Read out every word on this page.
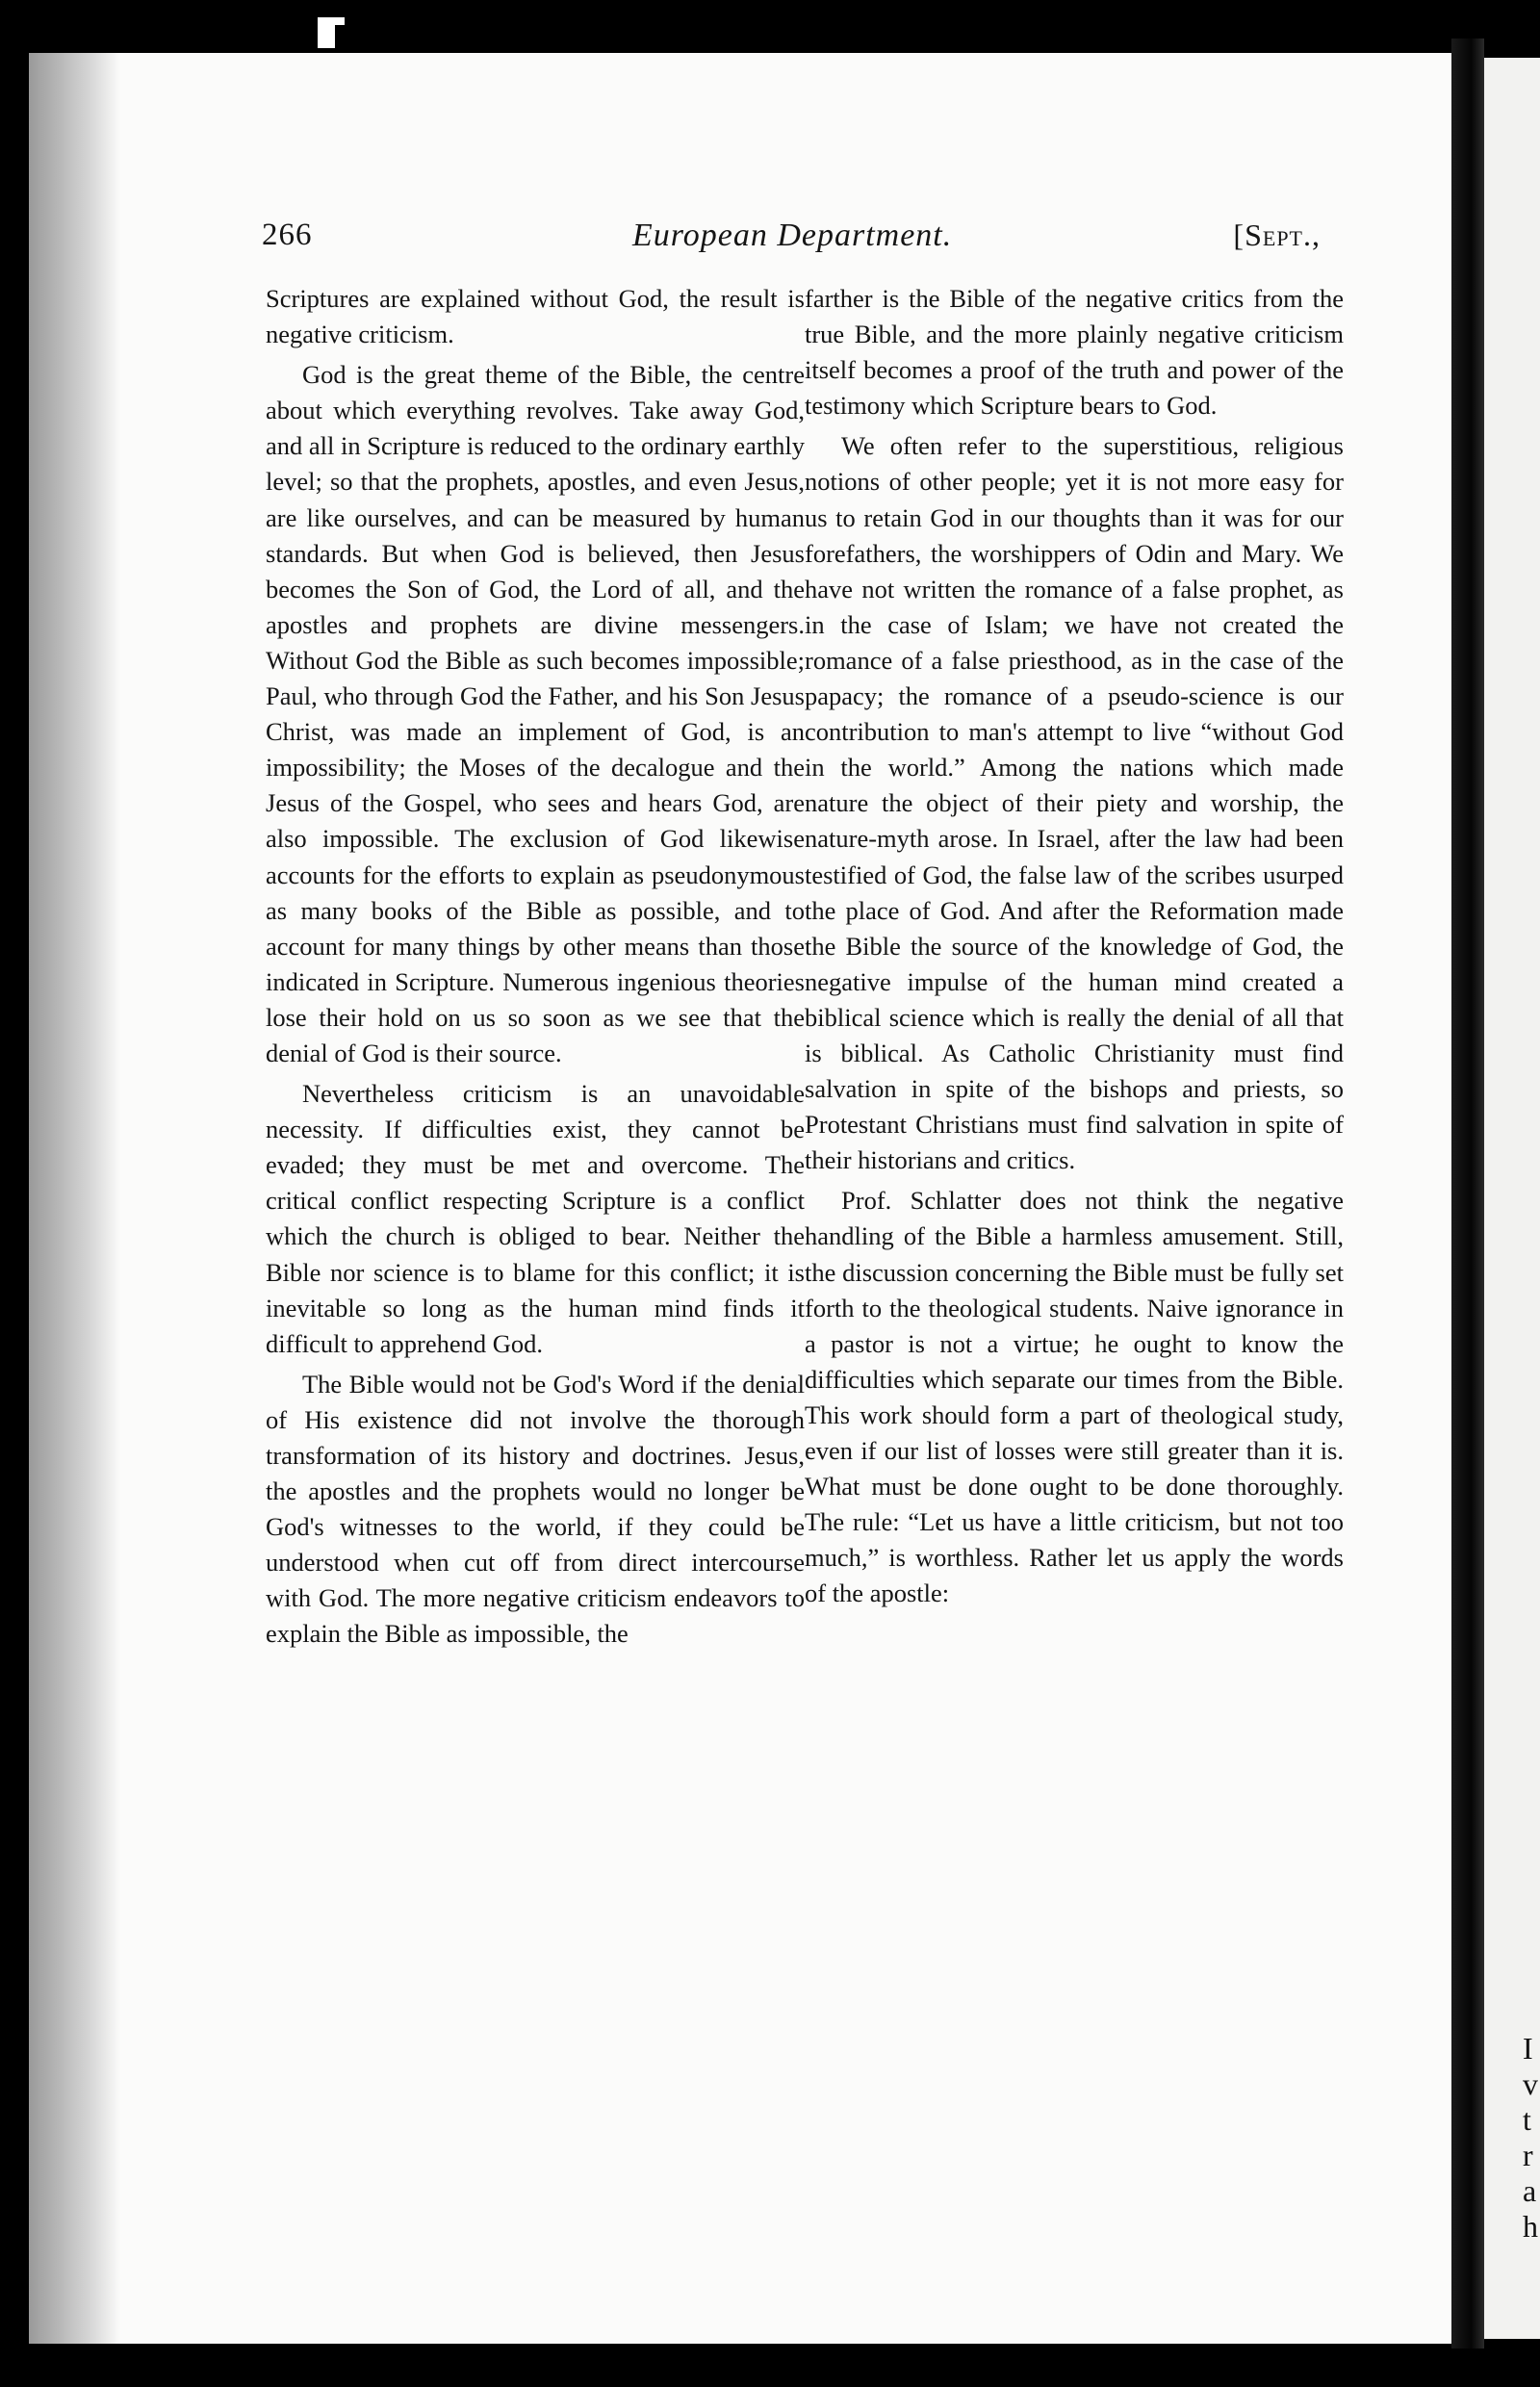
I
v
t
r
a
h
266	European Department.	[Sept.,

Scriptures are explained without God, the result is negative criticism.

God is the great theme of the Bible, the centre about which everything revolves. Take away God, and all in Scripture is reduced to the ordinary earthly level; so that the prophets, apostles, and even Jesus, are like ourselves, and can be measured by human standards. But when God is believed, then Jesus becomes the Son of God, the Lord of all, and the apostles and prophets are divine messengers. Without God the Bible as such becomes impossible; Paul, who through God the Father, and his Son Jesus Christ, was made an implement of God, is an impossibility; the Moses of the decalogue and the Jesus of the Gospel, who sees and hears God, are also impossible. The exclusion of God likewise accounts for the efforts to explain as pseudonymous as many books of the Bible as possible, and to account for many things by other means than those indicated in Scripture. Numerous ingenious theories lose their hold on us so soon as we see that the denial of God is their source.

Nevertheless criticism is an unavoidable necessity. If difficulties exist, they cannot be evaded; they must be met and overcome. The critical conflict respecting Scripture is a conflict which the church is obliged to bear. Neither the Bible nor science is to blame for this conflict; it is inevitable so long as the human mind finds it difficult to apprehend God.

The Bible would not be God's Word if the denial of His existence did not involve the thorough transformation of its history and doctrines. Jesus, the apostles and the prophets would no longer be God's witnesses to the world, if they could be understood when cut off from direct intercourse with God. The more negative criticism endeavors to explain the Bible as impossible, the

farther is the Bible of the negative critics from the true Bible, and the more plainly negative criticism itself becomes a proof of the truth and power of the testimony which Scripture bears to God.

We often refer to the superstitious, religious notions of other people; yet it is not more easy for us to retain God in our thoughts than it was for our forefathers, the worshippers of Odin and Mary. We have not written the romance of a false prophet, as in the case of Islam; we have not created the romance of a false priesthood, as in the case of the papacy; the romance of a pseudo-science is our contribution to man's attempt to live “without God in the world.” Among the nations which made nature the object of their piety and worship, the nature-myth arose. In Israel, after the law had been testified of God, the false law of the scribes usurped the place of God. And after the Reformation made the Bible the source of the knowledge of God, the negative impulse of the human mind created a biblical science which is really the denial of all that is biblical. As Catholic Christianity must find salvation in spite of the bishops and priests, so Protestant Christians must find salvation in spite of their historians and critics.

Prof. Schlatter does not think the negative handling of the Bible a harmless amusement. Still, the discussion concerning the Bible must be fully set forth to the theological students. Naive ignorance in a pastor is not a virtue; he ought to know the difficulties which separate our times from the Bible. This work should form a part of theological study, even if our list of losses were still greater than it is. What must be done ought to be done thoroughly. The rule: “Let us have a little criticism, but not too much,” is worthless. Rather let us apply the words of the apostle:
